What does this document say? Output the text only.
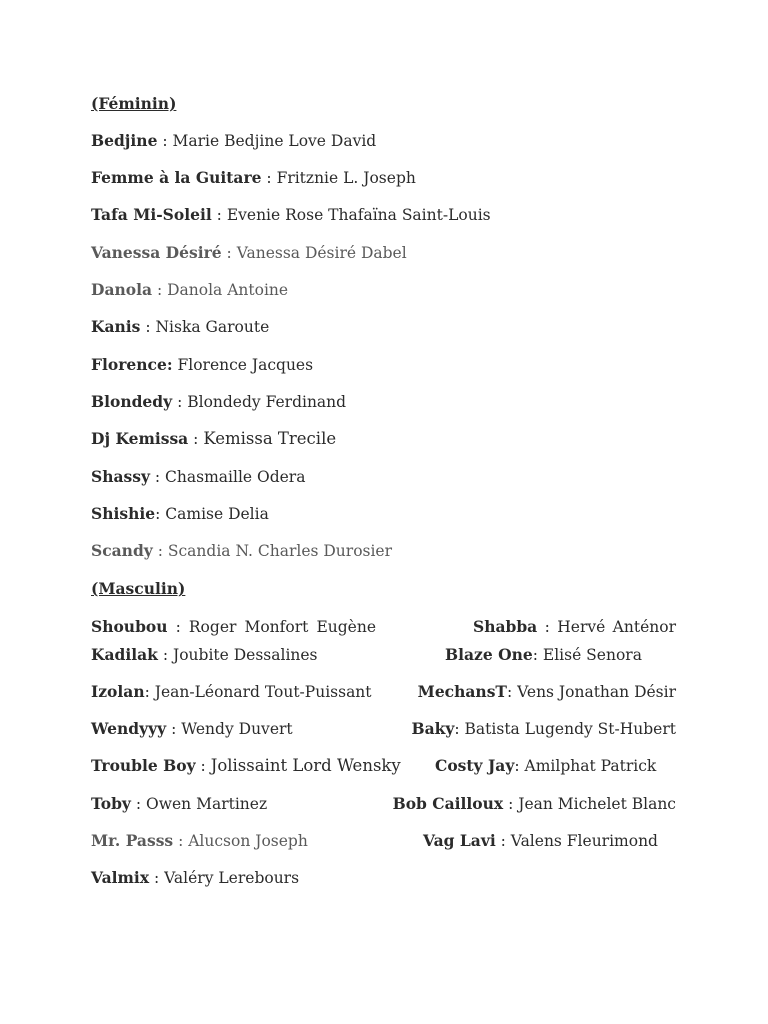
(Féminin)
Bedjine : Marie Bedjine Love David
Femme à la Guitare : Fritznie L. Joseph
Tafa Mi-Soleil : Evenie Rose Thafaïna Saint-Louis
Vanessa Désiré : Vanessa Désiré Dabel
Danola : Danola Antoine
Kanis : Niska Garoute
Florence: Florence Jacques
Blondedy : Blondedy Ferdinand
Dj Kemissa : Kemissa Trecile
Shassy : Chasmaille Odera
Shishie: Camise Delia
Scandy : Scandia N. Charles Durosier
(Masculin)
Shoubou : Roger Monfort Eugène	Shabba : Hervé Anténor
Kadilak : Joubite Dessalines
Izolan: Jean-Léonard Tout-Puissant
Wendyyy : Wendy Duvert
Trouble Boy : Jolissaint Lord Wensky
Toby : Owen Martinez
Mr. Passs : Alucson Joseph
Valmix : Valéry Lerebours
Blaze One: Elisé Senora
MechansT: Vens Jonathan Désir
Baky: Batista Lugendy St-Hubert
Costy Jay: Amilphat Patrick
Bob Cailloux : Jean Michelet Blanc
Vag Lavi : Valens Fleurimond
